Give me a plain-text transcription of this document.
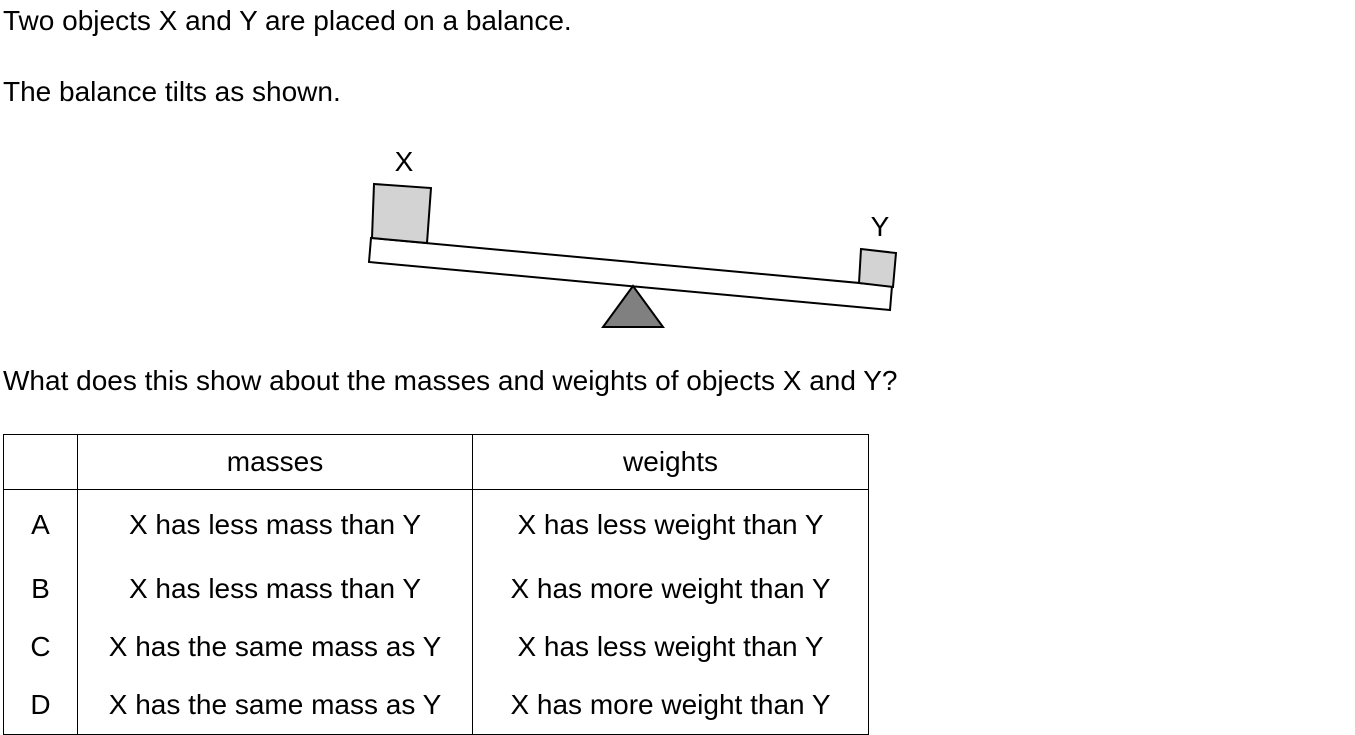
Two objects X and Y are placed on a balance.
The balance tilts as shown.
X
Y
What does this show about the masses and weights of objects X and Y?
	masses	weights
A	X has less mass than Y	X has less weight than Y
B	X has less mass than Y	X has more weight than Y
C	X has the same mass as Y	X has less weight than Y
D	X has the same mass as Y	X has more weight than Y
